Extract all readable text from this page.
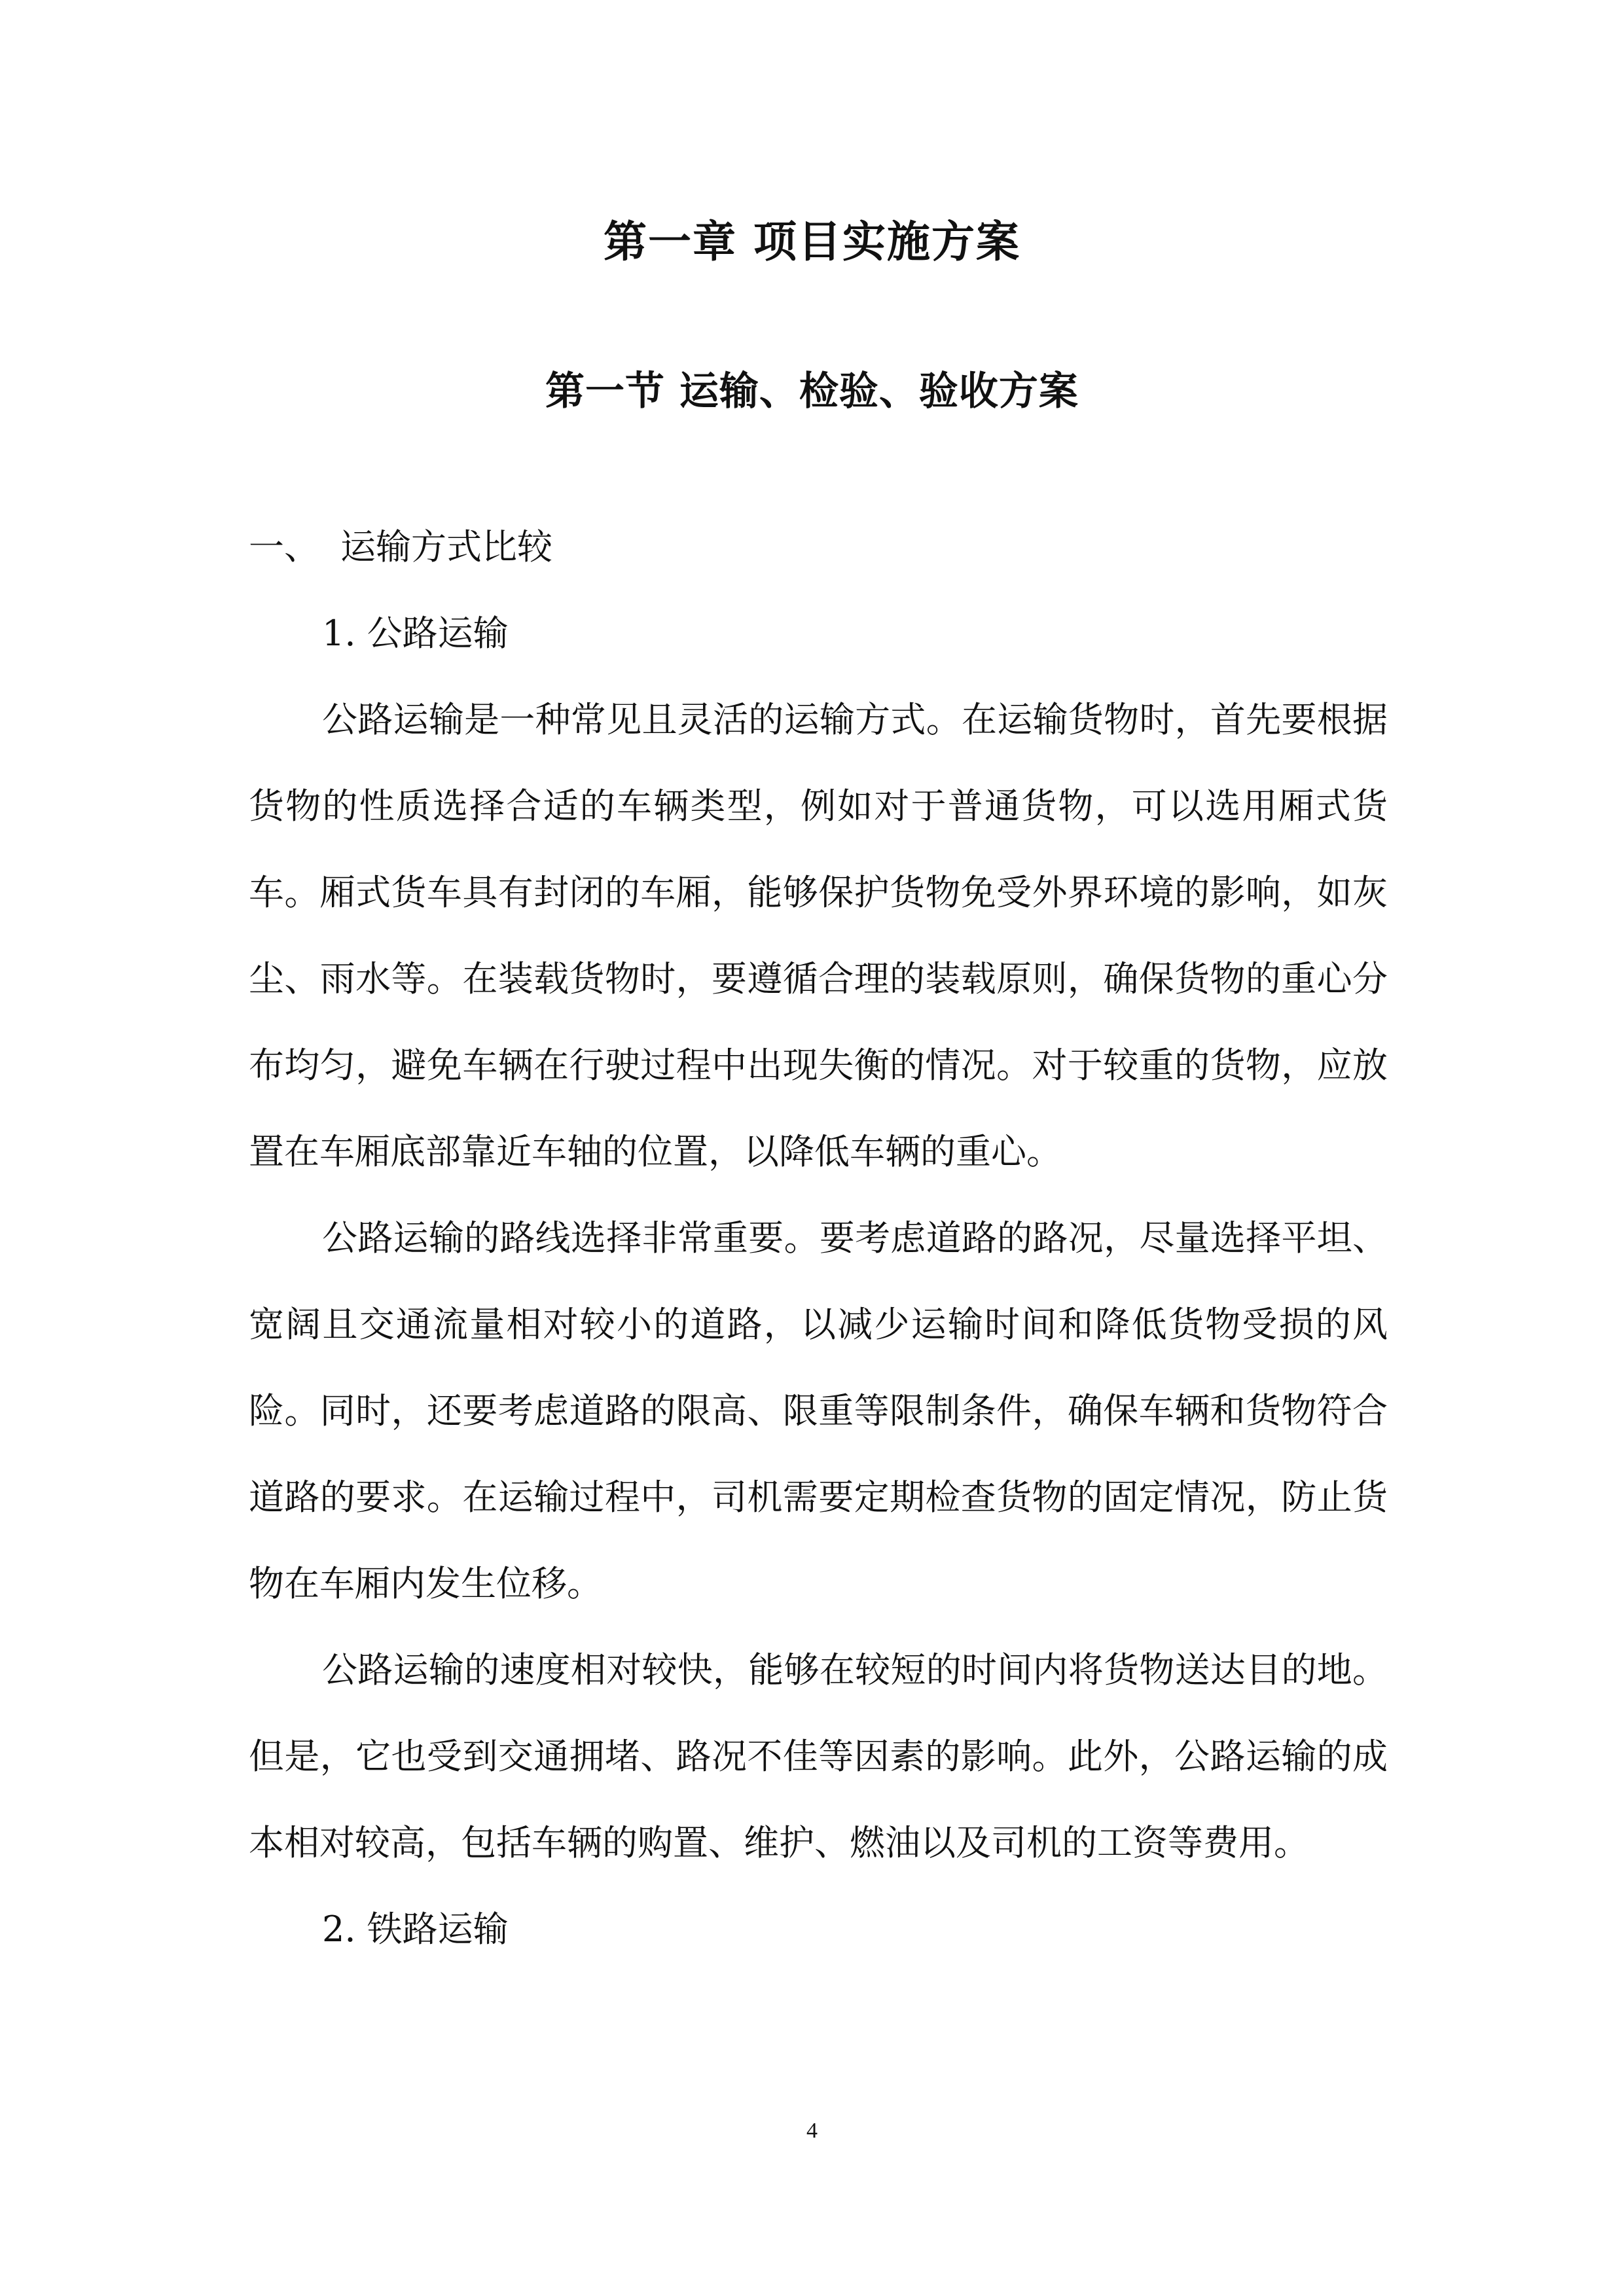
第一章 项目实施方案
第一节 运输、检验、验收方案

一、 运输方式比较

1. 公路运输

公路运输是一种常见且灵活的运输方式。在运输货物时，首先要根据货物的性质选择合适的车辆类型，例如对于普通货物，可以选用厢式货车。厢式货车具有封闭的车厢，能够保护货物免受外界环境的影响，如灰尘、雨水等。在装载货物时，要遵循合理的装载原则，确保货物的重心分布均匀，避免车辆在行驶过程中出现失衡的情况。对于较重的货物，应放置在车厢底部靠近车轴的位置，以降低车辆的重心。

公路运输的路线选择非常重要。要考虑道路的路况，尽量选择平坦、宽阔且交通流量相对较小的道路，以减少运输时间和降低货物受损的风险。同时，还要考虑道路的限高、限重等限制条件，确保车辆和货物符合道路的要求。在运输过程中，司机需要定期检查货物的固定情况，防止货物在车厢内发生位移。

公路运输的速度相对较快，能够在较短的时间内将货物送达目的地。但是，它也受到交通拥堵、路况不佳等因素的影响。此外，公路运输的成本相对较高，包括车辆的购置、维护、燃油以及司机的工资等费用。

2. 铁路运输

4
